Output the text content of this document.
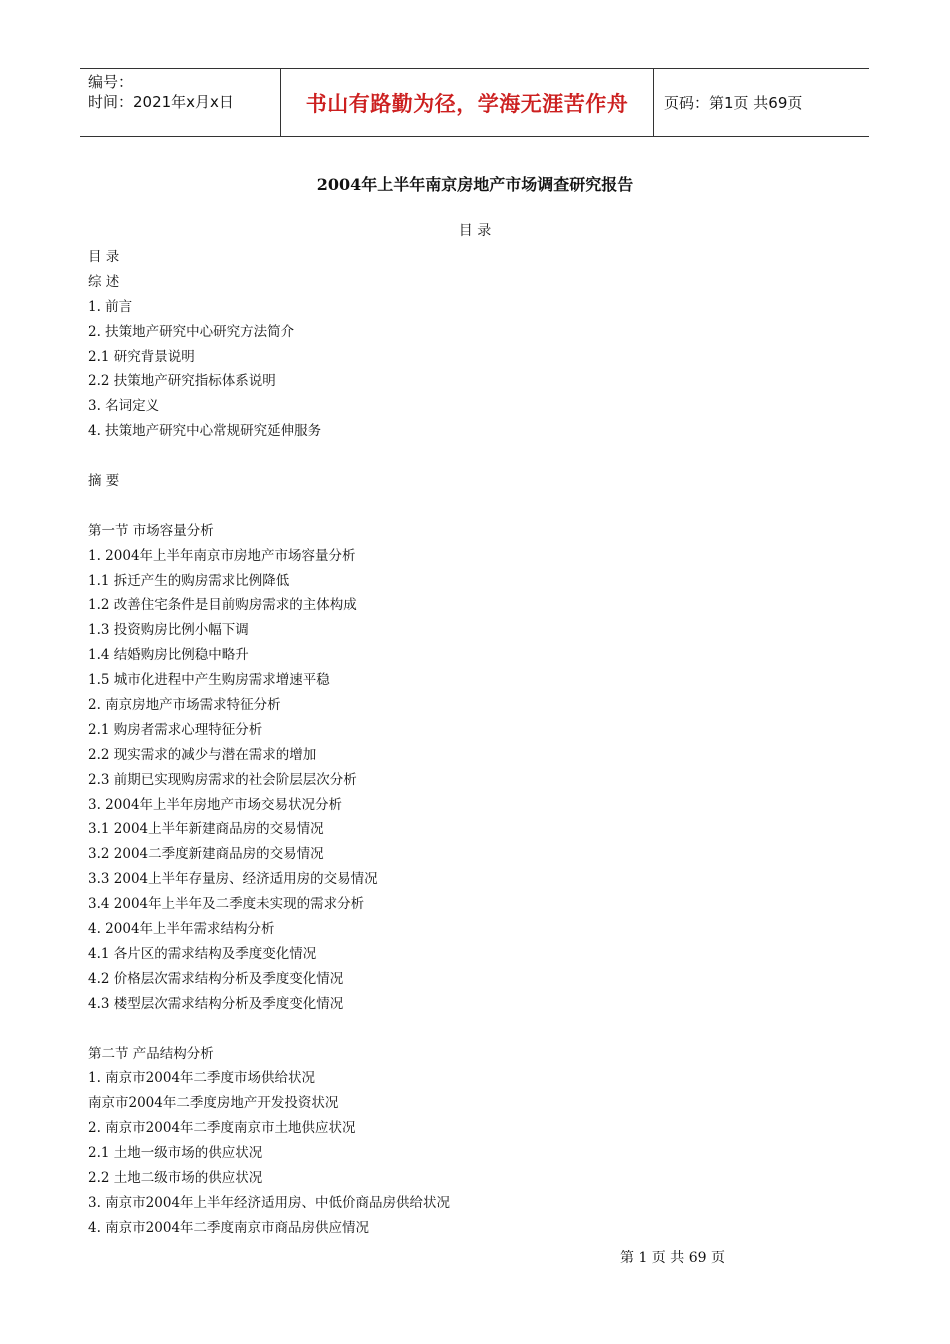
编号：
时间：2021年x月x日	书山有路勤为径，学海无涯苦作舟	页码：第1页 共69页
2004年上半年南京房地产市场调查研究报告
目 录
目 录
综 述
1. 前言
2. 扶策地产研究中心研究方法简介
2.1 研究背景说明
2.2 扶策地产研究指标体系说明
3. 名词定义
4. 扶策地产研究中心常规研究延伸服务
摘 要
第一节 市场容量分析
1. 2004年上半年南京市房地产市场容量分析
1.1 拆迁产生的购房需求比例降低
1.2 改善住宅条件是目前购房需求的主体构成
1.3 投资购房比例小幅下调
1.4 结婚购房比例稳中略升
1.5 城市化进程中产生购房需求增速平稳
2. 南京房地产市场需求特征分析
2.1 购房者需求心理特征分析
2.2 现实需求的减少与潜在需求的增加
2.3 前期已实现购房需求的社会阶层层次分析
3. 2004年上半年房地产市场交易状况分析
3.1 2004上半年新建商品房的交易情况
3.2 2004二季度新建商品房的交易情况
3.3 2004上半年存量房、经济适用房的交易情况
3.4 2004年上半年及二季度未实现的需求分析
4. 2004年上半年需求结构分析
4.1 各片区的需求结构及季度变化情况
4.2 价格层次需求结构分析及季度变化情况
4.3 楼型层次需求结构分析及季度变化情况
第二节 产品结构分析
1. 南京市2004年二季度市场供给状况
南京市2004年二季度房地产开发投资状况
2. 南京市2004年二季度南京市土地供应状况
2.1 土地一级市场的供应状况
2.2 土地二级市场的供应状况
3. 南京市2004年上半年经济适用房、中低价商品房供给状况
4. 南京市2004年二季度南京市商品房供应情况
第 1 页 共 69 页
